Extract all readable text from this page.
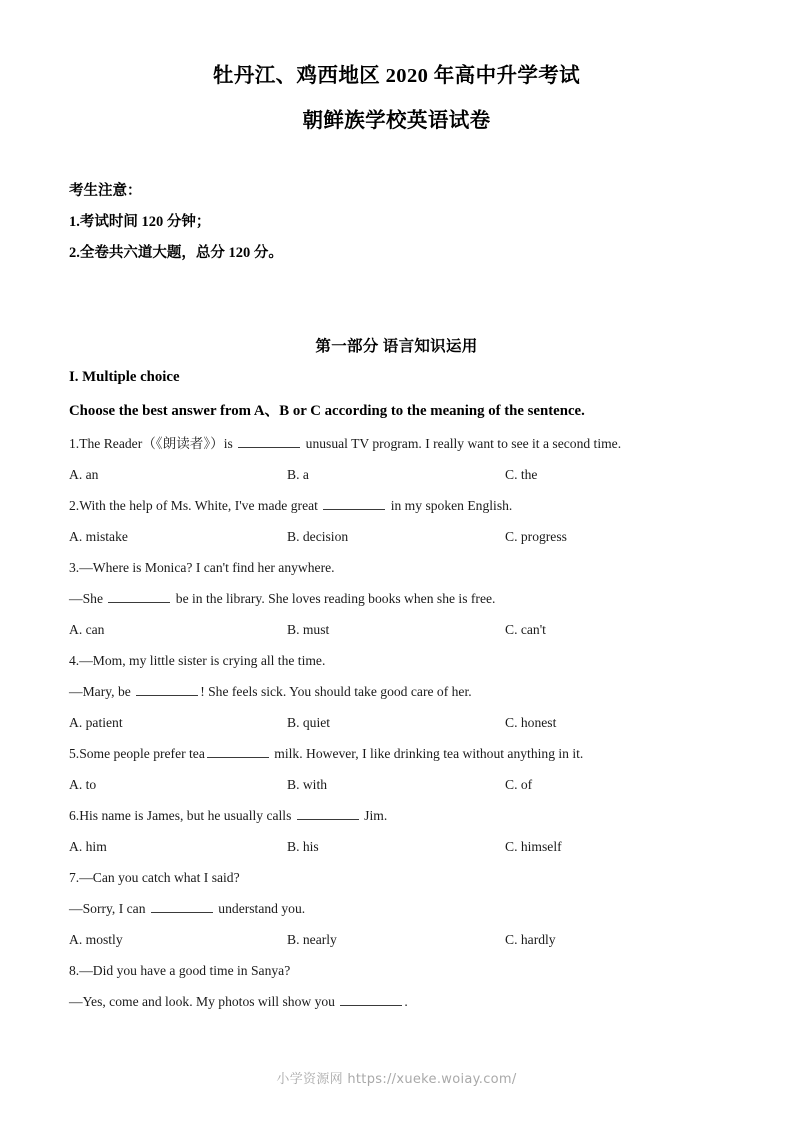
牡丹江、鸡西地区 2020 年高中升学考试
朝鲜族学校英语试卷
考生注意：
1.考试时间 120 分钟；
2.全卷共六道大题，总分 120 分。
第一部分 语言知识运用
I. Multiple choice
Choose the best answer from A、B or C according to the meaning of the sentence.
1.The Reader（《朗读者》）is	unusual TV program. I really want to see it a second time.
A. an	B. a	C. the
2.With the help of Ms. White, I've made great	in my spoken English.
A. mistake	B. decision	C. progress
3.—Where is Monica? I can't find her anywhere.
—She	be in the library. She loves reading books when she is free.
A. can	B. must	C. can't
4.—Mom, my little sister is crying all the time.
—Mary, be	! She feels sick. You should take good care of her.
A. patient	B. quiet	C. honest
5.Some people prefer tea	milk. However, I like drinking tea without anything in it.
A. to	B. with	C. of
6.His name is James, but he usually calls	Jim.
A. him	B. his	C. himself
7.—Can you catch what I said?
—Sorry, I can	understand you.
A. mostly	B. nearly	C. hardly
8.—Did you have a good time in Sanya?
—Yes, come and look. My photos will show you	.
小学资源网 https://xueke.woiay.com/
